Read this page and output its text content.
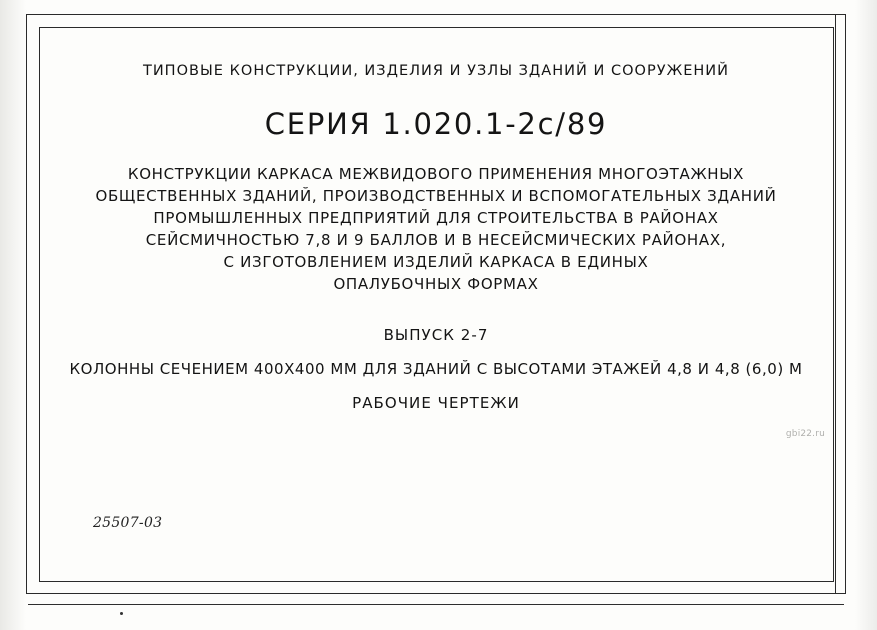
ТИПОВЫЕ КОНСТРУКЦИИ, ИЗДЕЛИЯ И УЗЛЫ ЗДАНИЙ И СООРУЖЕНИЙ
СЕРИЯ 1.020.1-2с/89
КОНСТРУКЦИИ КАРКАСА МЕЖВИДОВОГО ПРИМЕНЕНИЯ МНОГОЭТАЖНЫХ
ОБЩЕСТВЕННЫХ ЗДАНИЙ, ПРОИЗВОДСТВЕННЫХ И ВСПОМОГАТЕЛЬНЫХ ЗДАНИЙ
ПРОМЫШЛЕННЫХ ПРЕДПРИЯТИЙ ДЛЯ СТРОИТЕЛЬСТВА В РАЙОНАХ
СЕЙСМИЧНОСТЬЮ 7,8 И 9 БАЛЛОВ И В НЕСЕЙСМИЧЕСКИХ РАЙОНАХ,
С ИЗГОТОВЛЕНИЕМ ИЗДЕЛИЙ КАРКАСА В ЕДИНЫХ
ОПАЛУБОЧНЫХ ФОРМАХ
ВЫПУСК 2-7
КОЛОННЫ СЕЧЕНИЕМ 400Х400 ММ ДЛЯ ЗДАНИЙ С ВЫСОТАМИ ЭТАЖЕЙ 4,8 И 4,8 (6,0) М
РАБОЧИЕ ЧЕРТЕЖИ
25507-03
gbi22.ru
